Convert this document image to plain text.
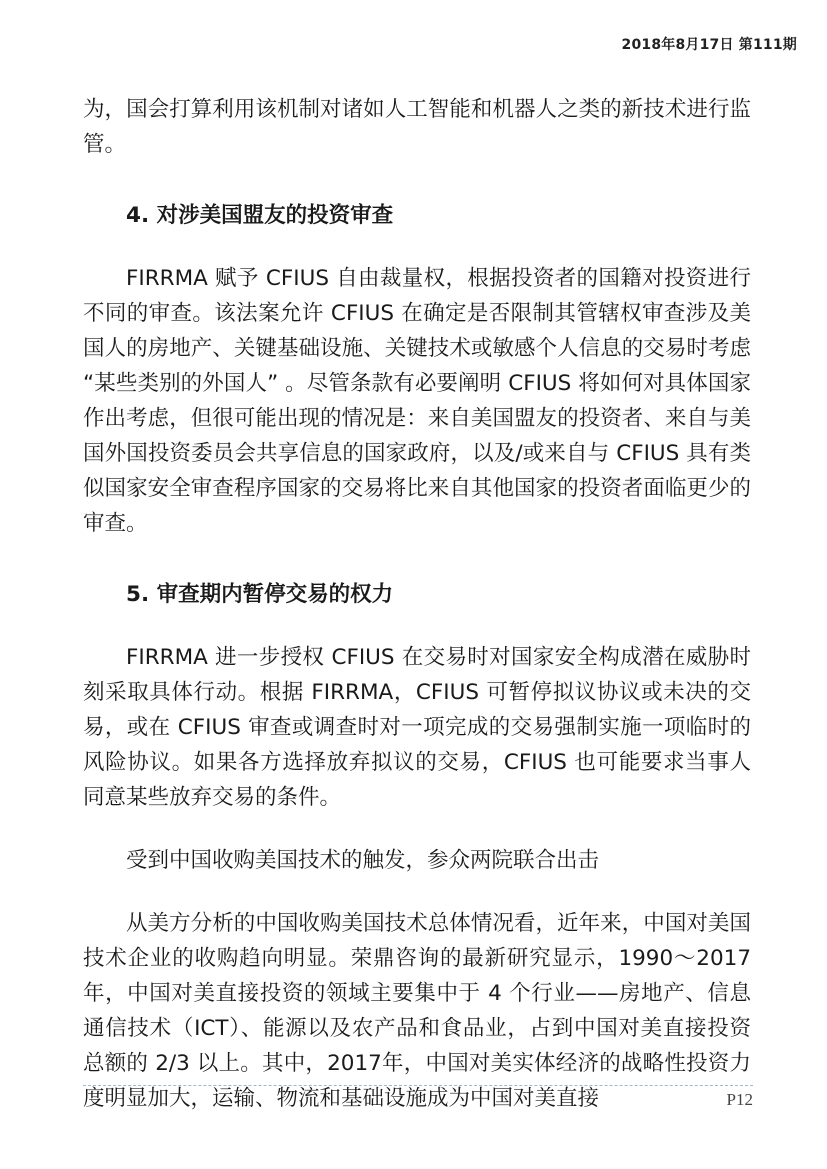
2018年8月17日 第111期

为，国会打算利用该机制对诸如人工智能和机器人之类的新技术进行监管。

4. 对涉美国盟友的投资审查

FIRRMA 赋予 CFIUS 自由裁量权，根据投资者的国籍对投资进行不同的审查。该法案允许 CFIUS 在确定是否限制其管辖权审查涉及美国人的房地产、关键基础设施、关键技术或敏感个人信息的交易时考虑 “某些类别的外国人” 。尽管条款有必要阐明 CFIUS 将如何对具体国家作出考虑，但很可能出现的情况是：来自美国盟友的投资者、来自与美国外国投资委员会共享信息的国家政府，以及/或来自与 CFIUS 具有类似国家安全审查程序国家的交易将比来自其他国家的投资者面临更少的审查。

5. 审查期内暂停交易的权力

FIRRMA 进一步授权 CFIUS 在交易时对国家安全构成潜在威胁时刻采取具体行动。根据 FIRRMA，CFIUS 可暂停拟议协议或未决的交易，或在 CFIUS 审查或调查时对一项完成的交易强制实施一项临时的风险协议。如果各方选择放弃拟议的交易，CFIUS 也可能要求当事人同意某些放弃交易的条件。

受到中国收购美国技术的触发，参众两院联合出击

从美方分析的中国收购美国技术总体情况看，近年来，中国对美国技术企业的收购趋向明显。荣鼎咨询的最新研究显示，1990～2017年，中国对美直接投资的领域主要集中于 4 个行业——房地产、信息通信技术（ICT）、能源以及农产品和食品业，占到中国对美直接投资总额的 2/3 以上。其中，2017年，中国对美实体经济的战略性投资力度明显加大，运输、物流和基础设施成为中国对美直接	P12
